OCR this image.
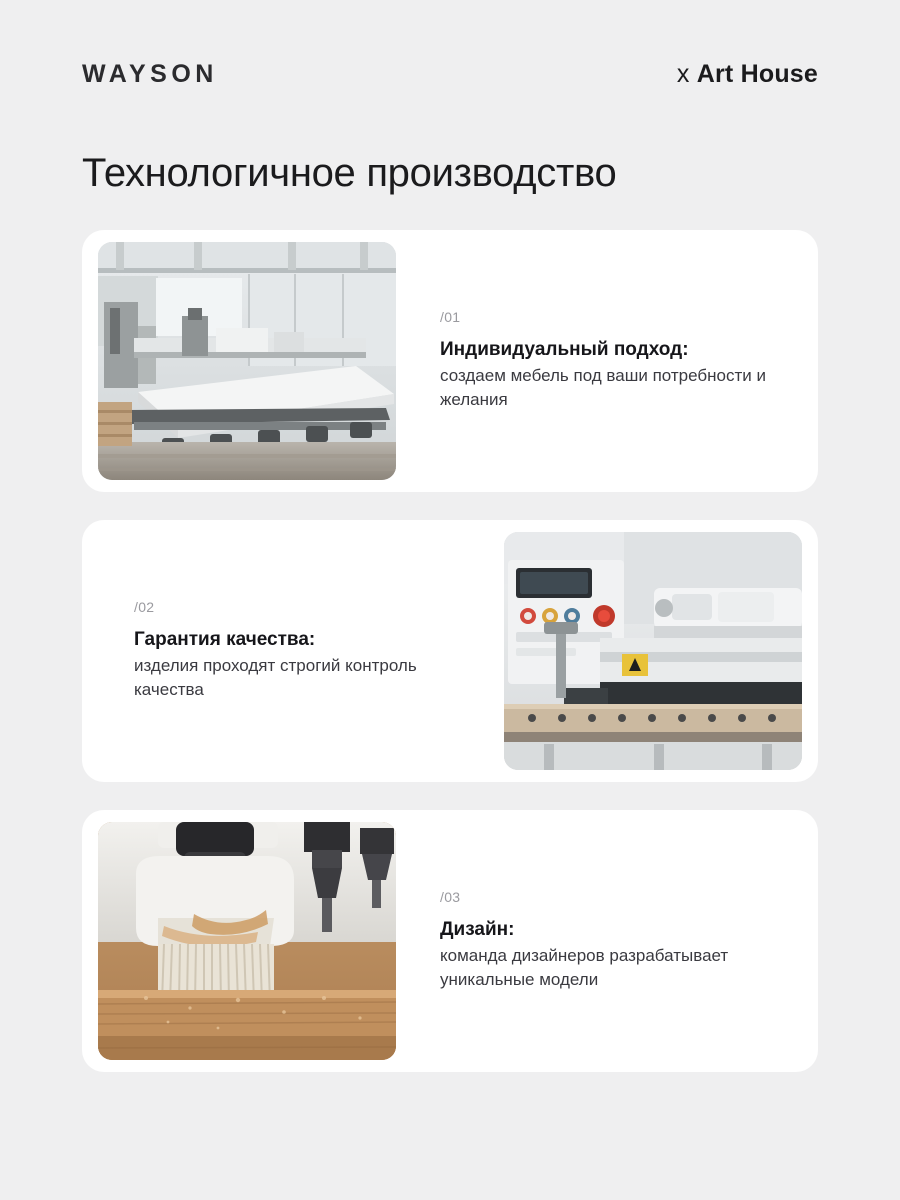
WAYSON	x Art House
Технологичное производство
/01
Индивидуальный подход:
создаем мебель под ваши потребности и желания
/02
Гарантия качества:
изделия проходят строгий контроль качества
/03
Дизайн:
команда дизайнеров разрабатывает уникальные модели
